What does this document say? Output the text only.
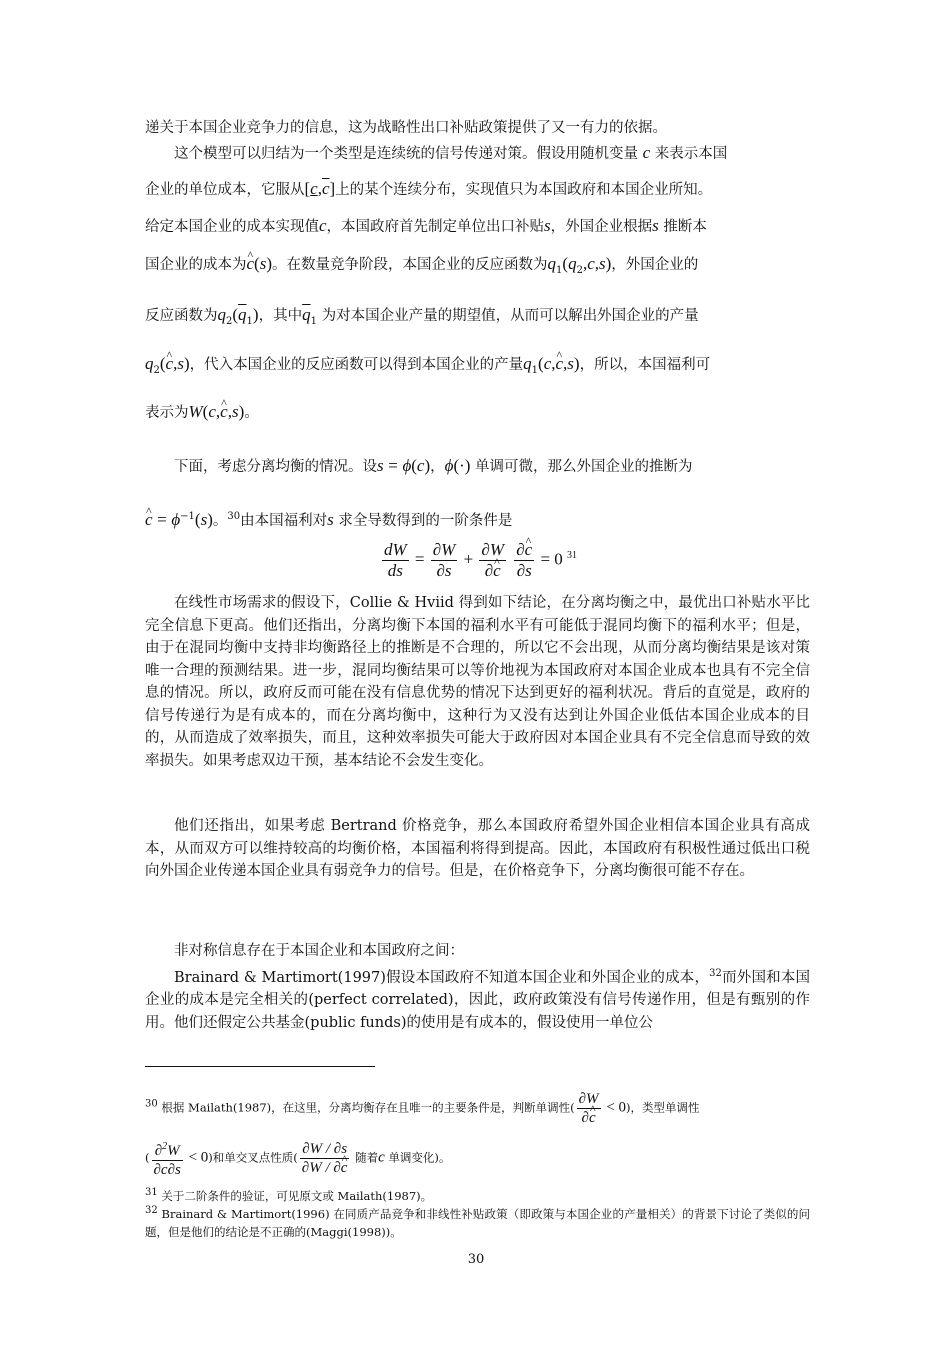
递关于本国企业竞争力的信息，这为战略性出口补贴政策提供了又一有力的依据。

这个模型可以归结为一个类型是连续统的信号传递对策。假设用随机变量 c 来表示本国

企业的单位成本，它服从$[c,\overline{c}]$上的某个连续分布，实现值只为本国政府和本国企业所知。

给定本国企业的成本实现值c，本国政府首先制定单位出口补贴s，外国企业根据s 推断本

国企业的成本为^ c(s)。在数量竞争阶段，本国企业的反应函数为$q_1(q_2,c,s)$，外国企业的

反应函数为$q_2(\overline{q}_1)$，其中$\overline{q}_1$ 为对本国企业产量的期望值，从而可以解出外国企业的产量

$q_2(\^{}$ c,s)，代入本国企业的反应函数可以得到本国企业的产量$q_1(c,\^{}$ c,s)，所以，本国福利可

表示为W(c,^ c,s)。

下面，考虑分离均衡的情况。设s = ϕ(c)，ϕ(·) 单调可微，那么外国企业的推断为

^ $c = \phi^{-1}(s)$。$^{30}$由本国福利对s 求全导数得到的一阶条件是

$\frac{dW}{ds} = \frac{\partial W}{\partial s} + \frac{\partial W}{\partial\^{} c}$
$\frac{\partial\^{} c}{\partial s} = 0$ $^{31}$

在线性市场需求的假设下，Collie & Hviid 得到如下结论，在分离均衡之中，最优出口补贴水平比完全信息下更高。他们还指出，分离均衡下本国的福利水平有可能低于混同均衡下的福利水平；但是，由于在混同均衡中支持非均衡路径上的推断是不合理的，所以它不会出现，从而分离均衡结果是该对策唯一合理的预测结果。进一步，混同均衡结果可以等价地视为本国政府对本国企业成本也具有不完全信息的情况。所以，政府反而可能在没有信息优势的情况下达到更好的福利状况。背后的直觉是，政府的信号传递行为是有成本的，而在分离均衡中，这种行为又没有达到让外国企业低估本国企业成本的目的，从而造成了效率损失，而且，这种效率损失可能大于政府因对本国企业具有不完全信息而导致的效率损失。如果考虑双边干预，基本结论不会发生变化。

他们还指出，如果考虑 Bertrand 价格竞争，那么本国政府希望外国企业相信本国企业具有高成本，从而双方可以维持较高的均衡价格，本国福利将得到提高。因此，本国政府有积极性通过低出口税向外国企业传递本国企业具有弱竞争力的信号。但是，在价格竞争下，分离均衡很可能不存在。

非对称信息存在于本国企业和本国政府之间：

Brainard & Martimort(1997)假设本国政府不知道本国企业和外国企业的成本，$^{32}$而外国和本国企业的成本是完全相关的(perfect correlated)，因此，政府政策没有信号传递作用，但是有甄别的作用。他们还假定公共基金(public funds)的使用是有成本的，假设使用一单位公

30 根据 Mailath(1987)，在这里，分离均衡存在且唯一的主要条件是，判断单调性( $\frac{\partial W}{\partial\^{} c} < 0$)，类型单调性

( $\frac{\partial^2W}{\partial c\partial s} < 0$)和单交叉点性质( $\frac{\partial W / \partial s}{\partial W / \partial\^{} c}$ 随着c 单调变化)。

31 关于二阶条件的验证，可见原文或 Mailath(1987)。

32 Brainard & Martimort(1996) 在同质产品竞争和非线性补贴政策（即政策与本国企业的产量相关）的背景下讨论了类似的问题，但是他们的结论是不正确的(Maggi(1998))。

30
